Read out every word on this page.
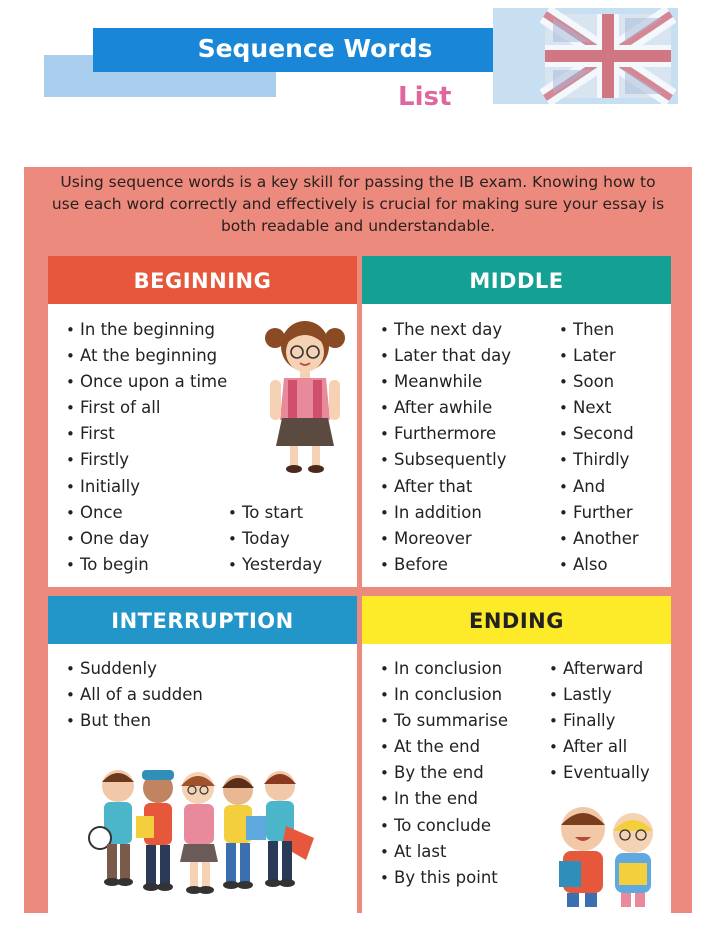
Sequence Words
List
Using sequence words is a key skill for passing the IB exam. Knowing how to use each word correctly and effectively is crucial for making sure your essay is both readable and understandable.
BEGINNING
• In the beginning
• At the beginning
• Once upon a time
• First of all
• First
• Firstly
• Initially
• Once
• One day
• To begin
• To start
• Today
• Yesterday
MIDDLE
• The next day
• Later that day
• Meanwhile
• After awhile
• Furthermore
• Subsequently
• After that
• In addition
• Moreover
• Before
• Then
• Later
• Soon
• Next
• Second
• Thirdly
• And
• Further
• Another
• Also
INTERRUPTION
• Suddenly
• All of a sudden
• But then
ENDING
• In conclusion
• In conclusion
• To summarise
• At the end
• By the end
• In the end
• To conclude
• At last
• By this point
• Afterward
• Lastly
• Finally
• After all
• Eventually
